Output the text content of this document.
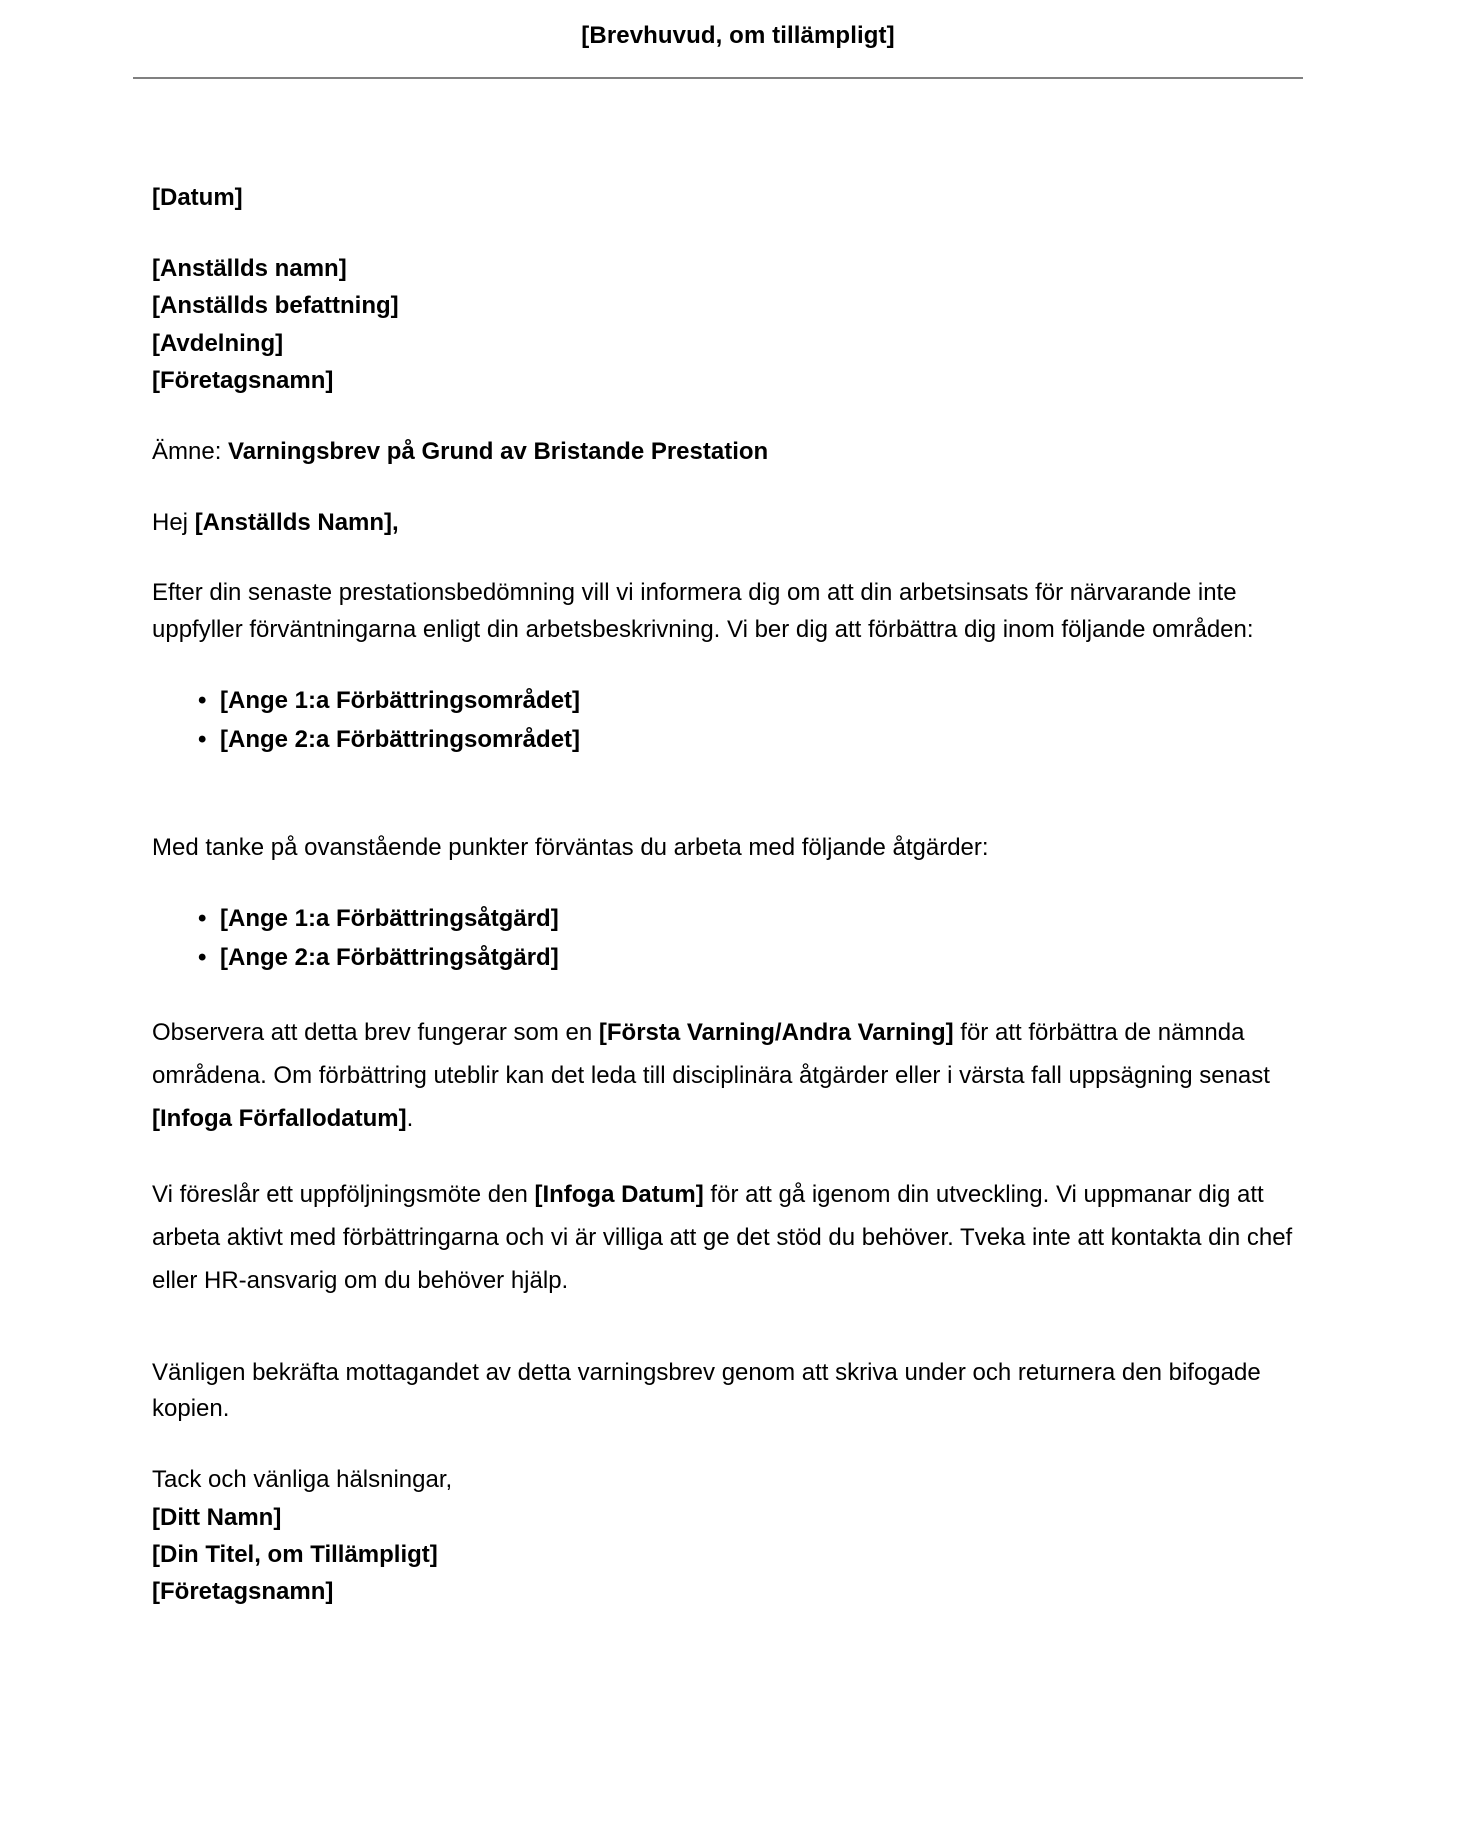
[Brevhuvud, om tillämpligt]
[Datum]
[Anställds namn]
[Anställds befattning]
[Avdelning]
[Företagsnamn]
Ämne: Varningsbrev på Grund av Bristande Prestation
Hej [Anställds Namn],

Efter din senaste prestationsbedömning vill vi informera dig om att din arbetsinsats för närvarande inte uppfyller förväntningarna enligt din arbetsbeskrivning. Vi ber dig att förbättra dig inom följande områden:

• [Ange 1:a Förbättringsområdet]
• [Ange 2:a Förbättringsområdet]

Med tanke på ovanstående punkter förväntas du arbeta med följande åtgärder:

• [Ange 1:a Förbättringsåtgärd]
• [Ange 2:a Förbättringsåtgärd]

Observera att detta brev fungerar som en [Första Varning/Andra Varning] för att förbättra de nämnda områdena. Om förbättring uteblir kan det leda till disciplinära åtgärder eller i värsta fall uppsägning senast [Infoga Förfallodatum].

Vi föreslår ett uppföljningsmöte den [Infoga Datum] för att gå igenom din utveckling. Vi uppmanar dig att arbeta aktivt med förbättringarna och vi är villiga att ge det stöd du behöver. Tveka inte att kontakta din chef eller HR-ansvarig om du behöver hjälp.

Vänligen bekräfta mottagandet av detta varningsbrev genom att skriva under och returnera den bifogade kopien.

Tack och vänliga hälsningar,
[Ditt Namn]
[Din Titel, om Tillämpligt]
[Företagsnamn]
